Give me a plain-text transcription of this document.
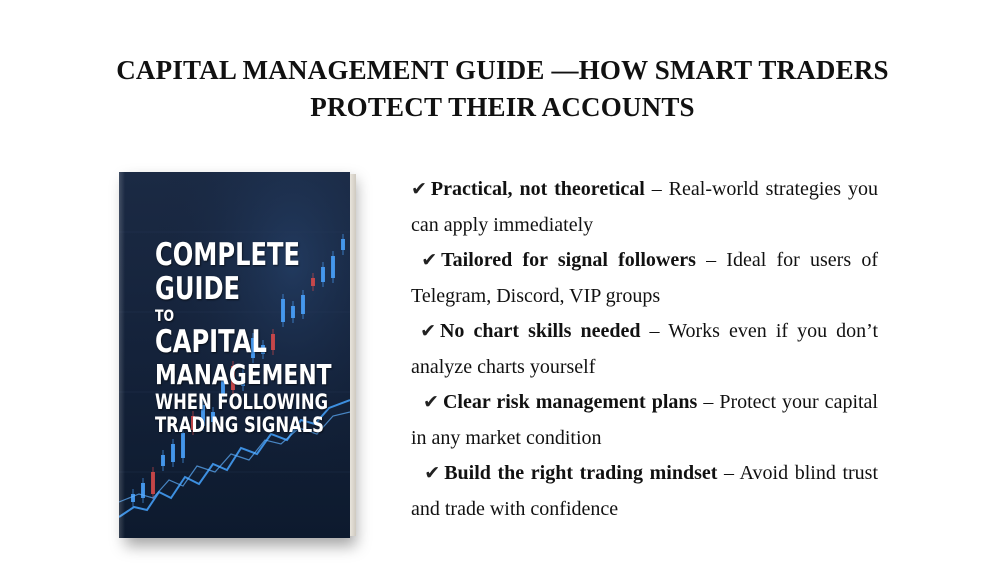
CAPITAL MANAGEMENT GUIDE —HOW SMART TRADERS
PROTECT THEIR ACCOUNTS
COMPLETE
GUIDE
TO
CAPITAL
MANAGEMENT
WHEN FOLLOWING
TRADING SIGNALS
✔ Practical, not theoretical – Real-world strategies you can apply immediately
✔ Tailored for signal followers – Ideal for users of Telegram, Discord, VIP groups
✔ No chart skills needed – Works even if you don’t analyze charts yourself
✔ Clear risk management plans – Protect your capital in any market condition
✔ Build the right trading mindset – Avoid blind trust and trade with confidence
